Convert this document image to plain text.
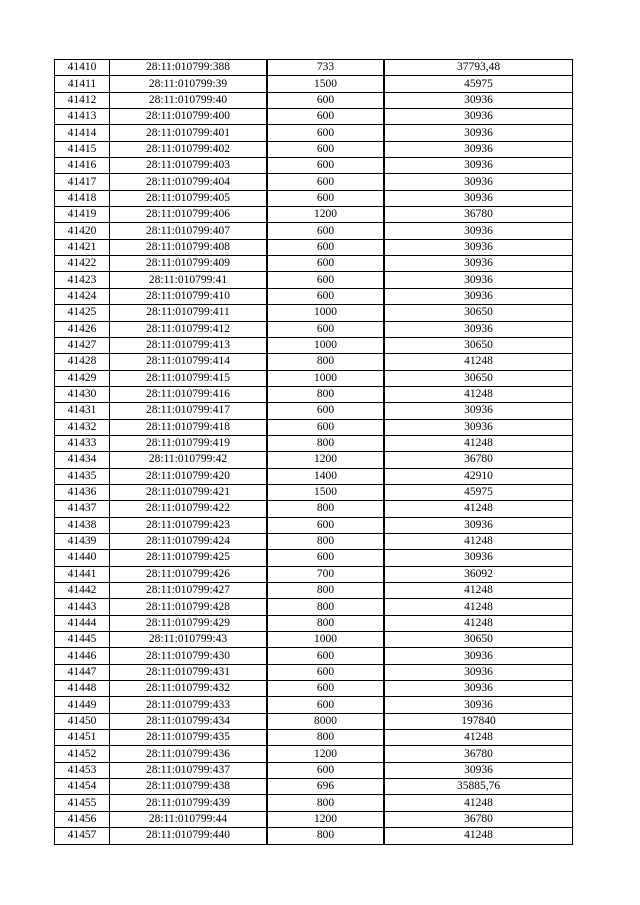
41410	28:11:010799:388	733	37793,48
41411	28:11:010799:39	1500	45975
41412	28:11:010799:40	600	30936
41413	28:11:010799:400	600	30936
41414	28:11:010799:401	600	30936
41415	28:11:010799:402	600	30936
41416	28:11:010799:403	600	30936
41417	28:11:010799:404	600	30936
41418	28:11:010799:405	600	30936
41419	28:11:010799:406	1200	36780
41420	28:11:010799:407	600	30936
41421	28:11:010799:408	600	30936
41422	28:11:010799:409	600	30936
41423	28:11:010799:41	600	30936
41424	28:11:010799:410	600	30936
41425	28:11:010799:411	1000	30650
41426	28:11:010799:412	600	30936
41427	28:11:010799:413	1000	30650
41428	28:11:010799:414	800	41248
41429	28:11:010799:415	1000	30650
41430	28:11:010799:416	800	41248
41431	28:11:010799:417	600	30936
41432	28:11:010799:418	600	30936
41433	28:11:010799:419	800	41248
41434	28:11:010799:42	1200	36780
41435	28:11:010799:420	1400	42910
41436	28:11:010799:421	1500	45975
41437	28:11:010799:422	800	41248
41438	28:11:010799:423	600	30936
41439	28:11:010799:424	800	41248
41440	28:11:010799:425	600	30936
41441	28:11:010799:426	700	36092
41442	28:11:010799:427	800	41248
41443	28:11:010799:428	800	41248
41444	28:11:010799:429	800	41248
41445	28:11:010799:43	1000	30650
41446	28:11:010799:430	600	30936
41447	28:11:010799:431	600	30936
41448	28:11:010799:432	600	30936
41449	28:11:010799:433	600	30936
41450	28:11:010799:434	8000	197840
41451	28:11:010799:435	800	41248
41452	28:11:010799:436	1200	36780
41453	28:11:010799:437	600	30936
41454	28:11:010799:438	696	35885,76
41455	28:11:010799:439	800	41248
41456	28:11:010799:44	1200	36780
41457	28:11:010799:440	800	41248
